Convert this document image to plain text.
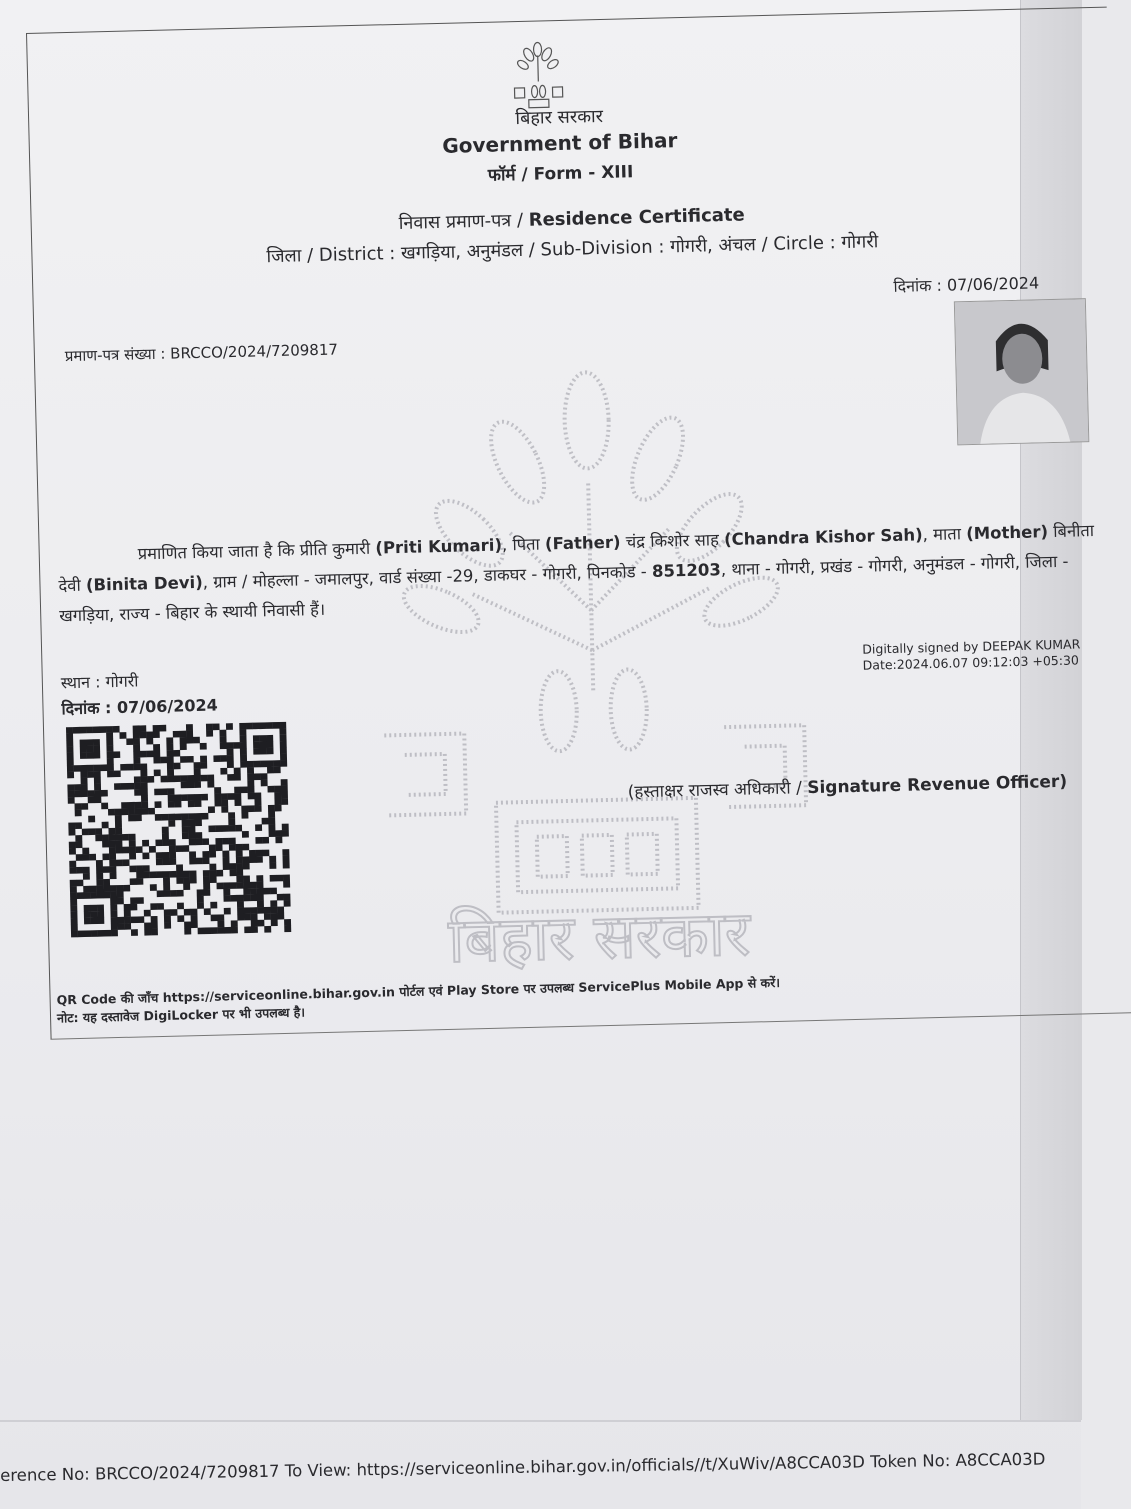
बिहार सरकार
Government of Bihar
फॉर्म / Form - XIII
निवास प्रमाण-पत्र / Residence Certificate
जिला / District : खगड़िया, अनुमंडल / Sub-Division : गोगरी, अंचल / Circle : गोगरी
दिनांक : 07/06/2024
प्रमाण-पत्र संख्या : BRCCO/2024/7209817
बिहार सरकार
प्रमाणित किया जाता है कि प्रीति कुमारी (Priti Kumari), पिता (Father) चंद्र किशोर साह (Chandra Kishor Sah), माता (Mother) बिनीता देवी (Binita Devi), ग्राम / मोहल्ला - जमालपुर, वार्ड संख्या -29, डाकघर - गोगरी, पिनकोड - 851203, थाना - गोगरी, प्रखंड - गोगरी, अनुमंडल - गोगरी, जिला - खगड़िया, राज्य - बिहार के स्थायी निवासी हैं।
स्थान : गोगरी
दिनांक : 07/06/2024
Digitally signed by DEEPAK KUMAR
Date:2024.06.07 09:12:03 +05:30
(हस्ताक्षर राजस्व अधिकारी / Signature Revenue Officer)
QR Code की जाँच https://serviceonline.bihar.gov.in पोर्टल एवं Play Store पर उपलब्ध ServicePlus Mobile App से करें।
नोट: यह दस्तावेज DigiLocker पर भी उपलब्ध है।
erence No: BRCCO/2024/7209817 To View: https://serviceonline.bihar.gov.in/officials//t/XuWiv/A8CCA03D Token No: A8CCA03D
